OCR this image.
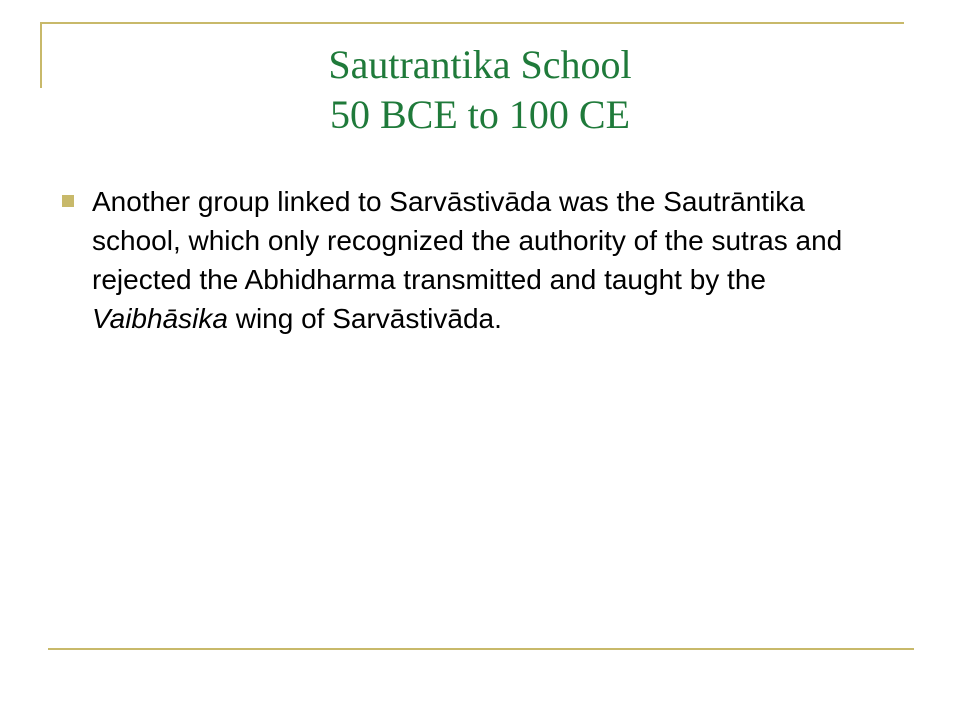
Sautrantika School
50 BCE to 100 CE
Another group linked to Sarvāstivāda was the Sautrāntika school, which only recognized the authority of the sutras and rejected the Abhidharma transmitted and taught by the Vaibhāsika wing of Sarvāstivāda.
